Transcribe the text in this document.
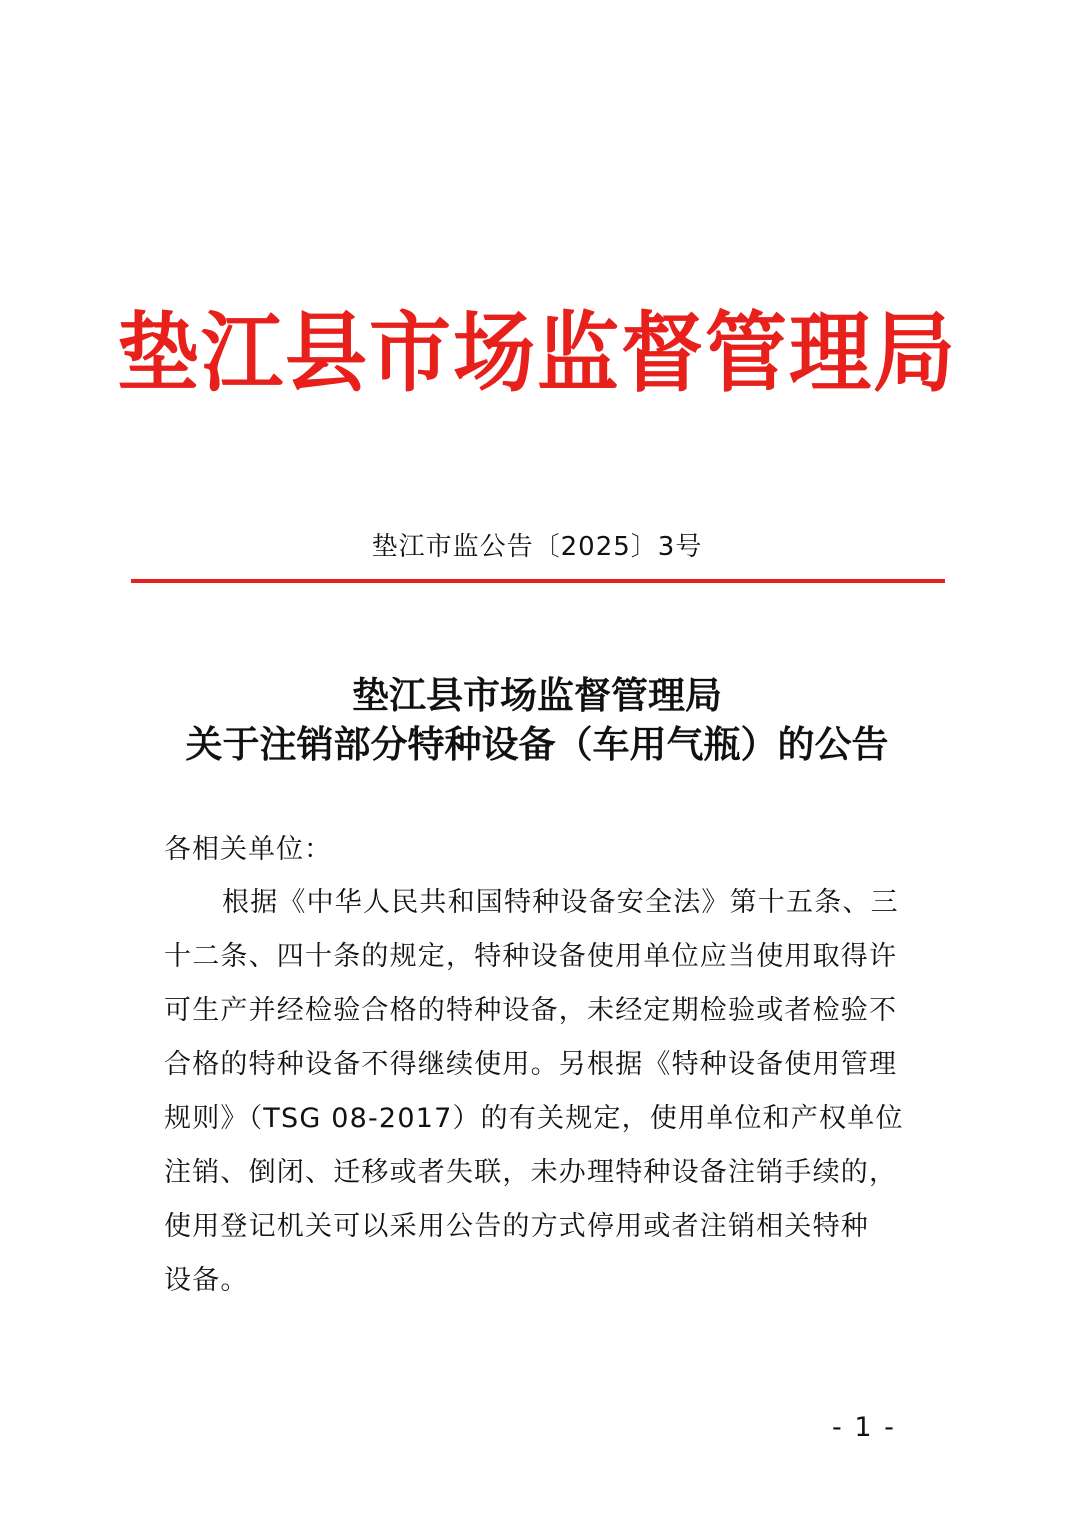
垫江县市场监督管理局
垫江市监公告〔2025〕3号
垫江县市场监督管理局
关于注销部分特种设备（车用气瓶）的公告
各相关单位：
根据《中华人民共和国特种设备安全法》第十五条、三
十二条、四十条的规定，特种设备使用单位应当使用取得许
可生产并经检验合格的特种设备，未经定期检验或者检验不
合格的特种设备不得继续使用。另根据《特种设备使用管理
规则》（TSG 08-2017）的有关规定，使用单位和产权单位
注销、倒闭、迁移或者失联，未办理特种设备注销手续的，
使用登记机关可以采用公告的方式停用或者注销相关特种
设备。
- 1 -
